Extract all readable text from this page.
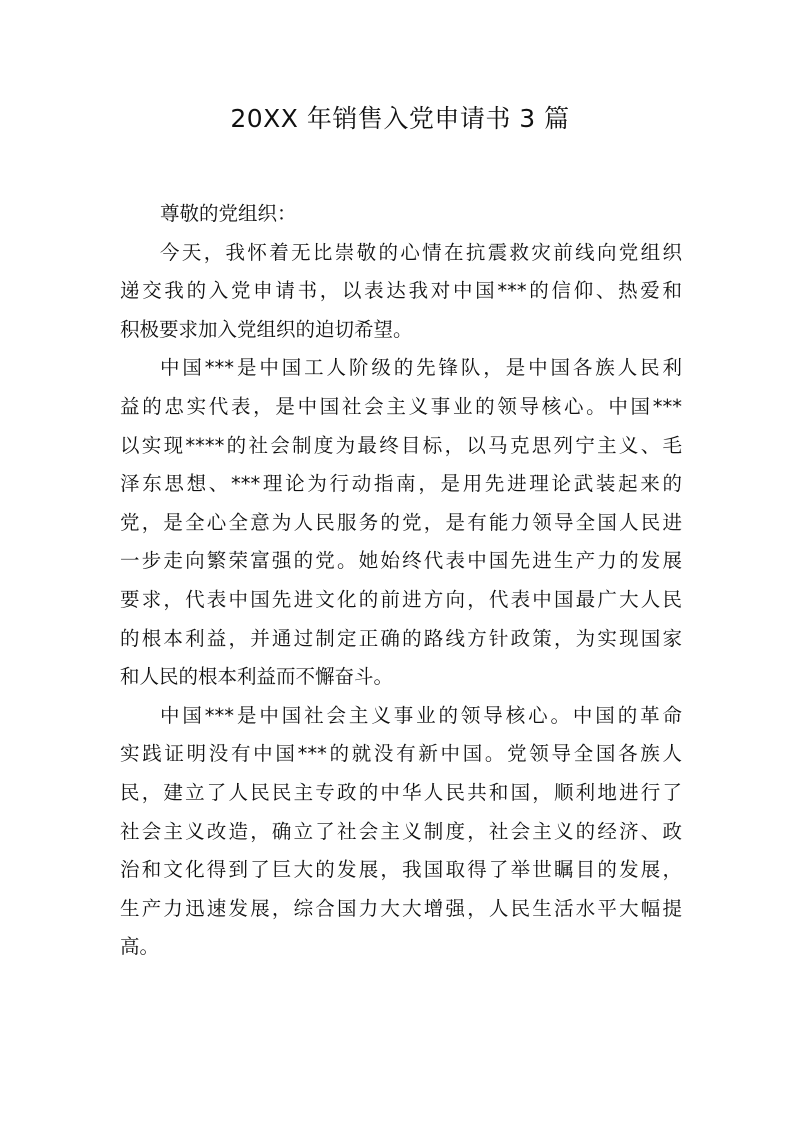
20XX 年销售入党申请书 3 篇
尊敬的党组织：
今天，我怀着无比崇敬的心情在抗震救灾前线向党组织
递交我的入党申请书，以表达我对中国***的信仰、热爱和
积极要求加入党组织的迫切希望。
中国***是中国工人阶级的先锋队，是中国各族人民利
益的忠实代表，是中国社会主义事业的领导核心。中国***
以实现****的社会制度为最终目标，以马克思列宁主义、毛
泽东思想、***理论为行动指南，是用先进理论武装起来的
党，是全心全意为人民服务的党，是有能力领导全国人民进
一步走向繁荣富强的党。她始终代表中国先进生产力的发展
要求，代表中国先进文化的前进方向，代表中国最广大人民
的根本利益，并通过制定正确的路线方针政策，为实现国家
和人民的根本利益而不懈奋斗。
中国***是中国社会主义事业的领导核心。中国的革命
实践证明没有中国***的就没有新中国。党领导全国各族人
民，建立了人民民主专政的中华人民共和国，顺利地进行了
社会主义改造，确立了社会主义制度，社会主义的经济、政
治和文化得到了巨大的发展，我国取得了举世瞩目的发展，
生产力迅速发展，综合国力大大增强，人民生活水平大幅提
高。
